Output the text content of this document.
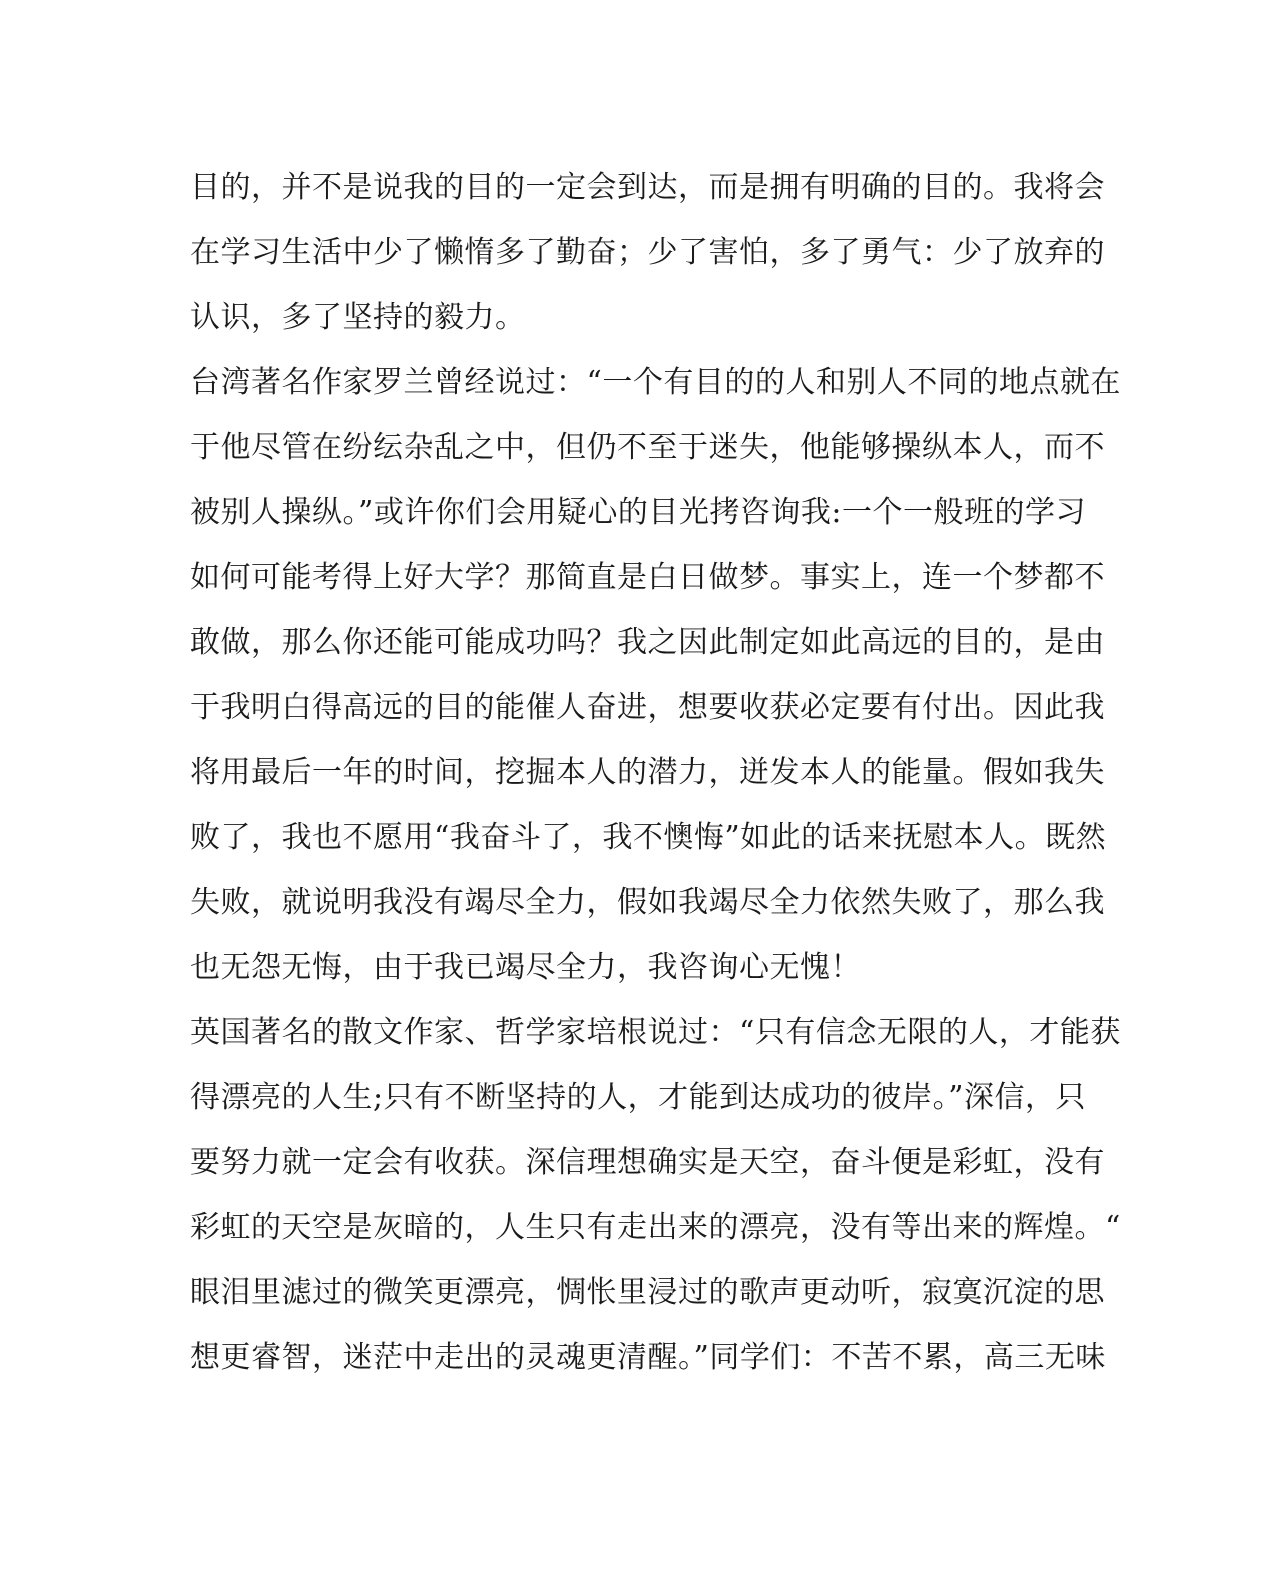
目的，并不是说我的目的一定会到达，而是拥有明确的目的。我将会
在学习生活中少了懒惰多了勤奋；少了害怕，多了勇气：少了放弃的
认识，多了坚持的毅力。
台湾著名作家罗兰曾经说过：“一个有目的的人和别人不同的地点就在
于他尽管在纷纭杂乱之中，但仍不至于迷失，他能够操纵本人，而不
被别人操纵。”或许你们会用疑心的目光拷咨询我:一个一般班的学习
如何可能考得上好大学？那简直是白日做梦。事实上，连一个梦都不
敢做，那么你还能可能成功吗？我之因此制定如此高远的目的，是由
于我明白得高远的目的能催人奋进，想要收获必定要有付出。因此我
将用最后一年的时间，挖掘本人的潜力，迸发本人的能量。假如我失
败了，我也不愿用“我奋斗了，我不懊悔”如此的话来抚慰本人。既然
失败，就说明我没有竭尽全力，假如我竭尽全力依然失败了，那么我
也无怨无悔，由于我已竭尽全力，我咨询心无愧！
英国著名的散文作家、哲学家培根说过：“只有信念无限的人，才能获
得漂亮的人生;只有不断坚持的人，才能到达成功的彼岸。”深信，只
要努力就一定会有收获。深信理想确实是天空，奋斗便是彩虹，没有
彩虹的天空是灰暗的，人生只有走出来的漂亮，没有等出来的辉煌。“
眼泪里滤过的微笑更漂亮，惆怅里浸过的歌声更动听，寂寞沉淀的思
想更睿智，迷茫中走出的灵魂更清醒。”同学们：不苦不累，高三无味
